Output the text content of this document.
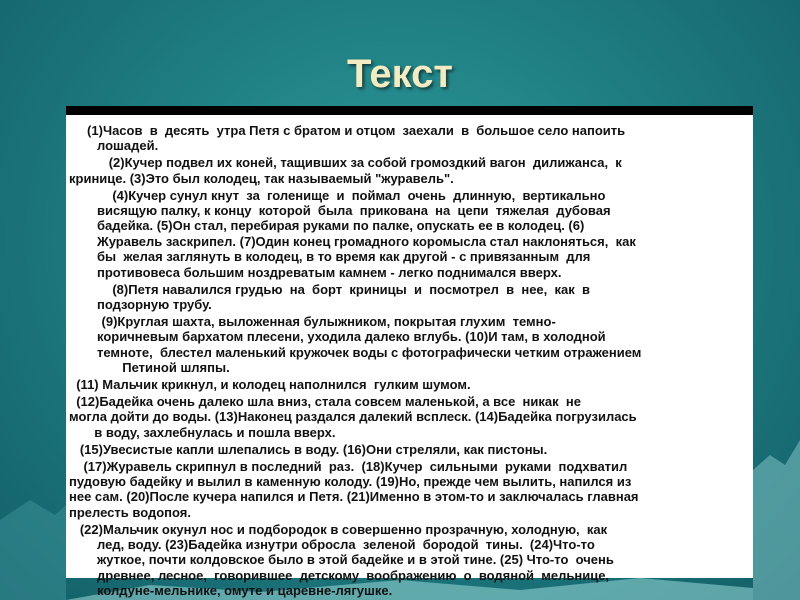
Текст

(1)Часов  в  десять  утра Петя с братом и отцом  заехали  в  большое село напоить
лошадей.

(2)Кучер подвел их коней, тащивших за собой громоздкий вагон  дилижанса,  к
кринице. (3)Это был колодец, так называемый "журавель".

(4)Кучер сунул кнут  за  голенище  и  поймал  очень  длинную,  вертикально
висящую палку, к концу  которой  была  прикована  на  цепи  тяжелая  дубовая
бадейка. (5)Он стал, перебирая руками по палке, опускать ее в колодец. (6)
Журавель заскрипел. (7)Один конец громадного коромысла стал наклоняться,  как
бы  желая заглянуть в колодец, в то время как другой - с привязанным  для
противовеса большим ноздреватым камнем - легко поднимался вверх.

(8)Петя навалился грудью  на  борт  криницы  и  посмотрел  в  нее,  как  в
подзорную трубу.

(9)Круглая шахта, выложенная булыжником, покрытая глухим  темно-
коричневым бархатом плесени, уходила далеко вглубь. (10)И там, в холодной
темноте,  блестел маленький кружочек воды с фотографически четким отражением
Петиной шляпы.

(11) Мальчик крикнул, и колодец наполнился  гулким шумом.

(12)Бадейка очень далеко шла вниз, стала совсем маленькой, а все  никак  не
могла дойти до воды. (13)Наконец раздался далекий всплеск. (14)Бадейка погрузилась
в воду, захлебнулась и пошла вверх.

(15)Увесистые капли шлепались в воду. (16)Они стреляли, как пистоны.

(17)Журавель скрипнул в последний  раз.  (18)Кучер  сильными  руками  подхватил
пудовую бадейку и вылил в каменную колоду. (19)Но, прежде чем вылить, напился из
нее сам. (20)После кучера напился и Петя. (21)Именно в этом-то и заключалась главная
прелесть водопоя.

(22)Мальчик окунул нос и подбородок в совершенно прозрачную, холодную,  как
лед, воду. (23)Бадейка изнутри обросла  зеленой  бородой  тины.  (24)Что-то
жуткое, почти колдовское было в этой бадейке и в этой тине. (25) Что-то  очень
древнее, лесное,  говорившее  детскому  воображению  о  водяной  мельнице,
колдуне-мельнике, омуте и царевне-лягушке.
